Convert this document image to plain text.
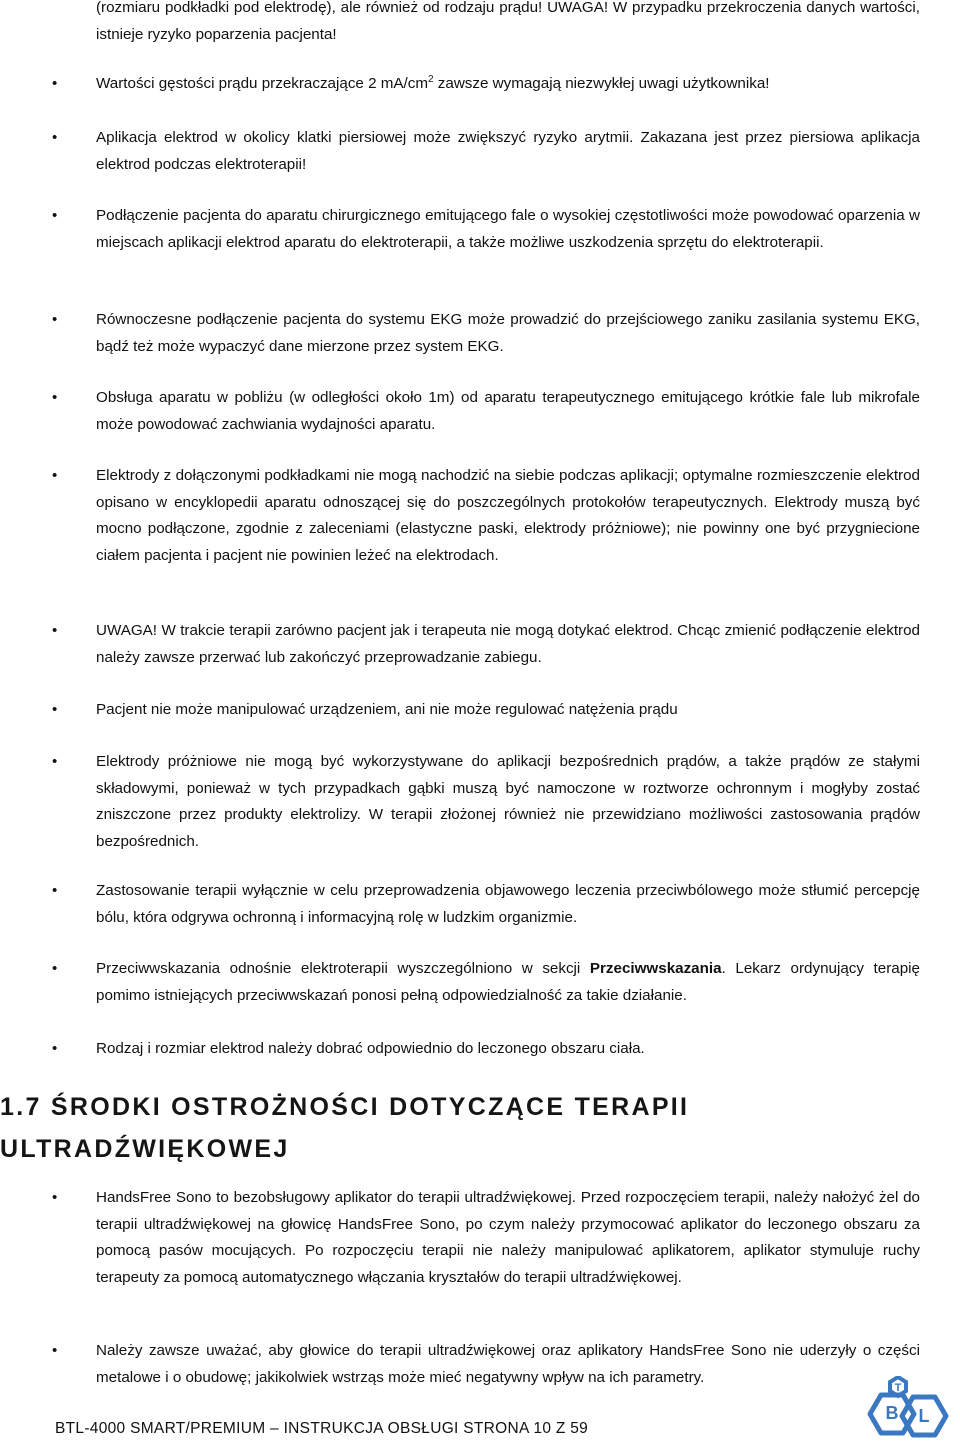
(rozmiaru podkładki pod elektrodę), ale również od rodzaju prądu! UWAGA! W przypadku przekroczenia danych wartości, istnieje ryzyko poparzenia pacjenta!
•	Wartości gęstości prądu przekraczające 2 $mA/cm^2$ zawsze wymagają niezwykłej uwagi użytkownika!
•	Aplikacja elektrod w okolicy klatki piersiowej może zwiększyć ryzyko arytmii. Zakazana jest przez piersiowa aplikacja elektrod podczas elektroterapii!
•	Podłączenie pacjenta do aparatu chirurgicznego emitującego fale o wysokiej częstotliwości może powodować oparzenia w miejscach aplikacji elektrod aparatu do elektroterapii, a także możliwe uszkodzenia sprzętu do elektroterapii.
•	Równoczesne podłączenie pacjenta do systemu EKG może prowadzić do przejściowego zaniku zasilania systemu EKG, bądź też może wypaczyć dane mierzone przez system EKG.
•	Obsługa aparatu w pobliżu (w odległości około 1m) od aparatu terapeutycznego emitującego krótkie fale lub mikrofale może powodować zachwiania wydajności aparatu.
•	Elektrody z dołączonymi podkładkami nie mogą nachodzić na siebie podczas aplikacji; optymalne rozmieszczenie elektrod opisano w encyklopedii aparatu odnoszącej się do poszczególnych protokołów terapeutycznych. Elektrody muszą być mocno podłączone, zgodnie z zaleceniami (elastyczne paski, elektrody próżniowe); nie powinny one być przygniecione ciałem pacjenta i pacjent nie powinien leżeć na elektrodach.
•	UWAGA! W trakcie terapii zarówno pacjent jak i terapeuta nie mogą dotykać elektrod. Chcąc zmienić podłączenie elektrod należy zawsze przerwać lub zakończyć przeprowadzanie zabiegu.
•	Pacjent nie może manipulować urządzeniem, ani nie może regulować natężenia prądu
•	Elektrody próżniowe nie mogą być wykorzystywane do aplikacji bezpośrednich prądów, a także prądów ze stałymi składowymi, ponieważ w tych przypadkach gąbki muszą być namoczone w roztworze ochronnym i mogłyby zostać zniszczone przez produkty elektrolizy. W terapii złożonej również nie przewidziano możliwości zastosowania prądów bezpośrednich.
•	Zastosowanie terapii wyłącznie w celu przeprowadzenia objawowego leczenia przeciwbólowego może stłumić percepcję bólu, która odgrywa ochronną i informacyjną rolę w ludzkim organizmie.
•	Przeciwwskazania odnośnie elektroterapii wyszczególniono w sekcji Przeciwwskazania. Lekarz ordynujący terapię pomimo istniejących przeciwwskazań ponosi pełną odpowiedzialność za takie działanie.
•	Rodzaj i rozmiar elektrod należy dobrać odpowiednio do leczonego obszaru ciała.
1.7 ŚRODKI OSTROŻNOŚCI DOTYCZĄCE TERAPII
ULTRADŹWIĘKOWEJ
•	HandsFree Sono to bezobsługowy aplikator do terapii ultradźwiękowej. Przed rozpoczęciem terapii, należy nałożyć żel do terapii ultradźwiękowej na głowicę HandsFree Sono, po czym należy przymocować aplikator do leczonego obszaru za pomocą pasów mocujących. Po rozpoczęciu terapii nie należy manipulować aplikatorem, aplikator stymuluje ruchy terapeuty za pomocą automatycznego włączania kryształów do terapii ultradźwiękowej.
•	Należy zawsze uważać, aby głowice do terapii ultradźwiękowej oraz aplikatory HandsFree Sono nie uderzyły o części metalowe i o obudowę; jakikolwiek wstrząs może mieć negatywny wpływ na ich parametry.
BTL-4000 SMART/PREMIUM – INSTRUKCJA OBSŁUGI STRONA 10 Z 59
B
T
L
